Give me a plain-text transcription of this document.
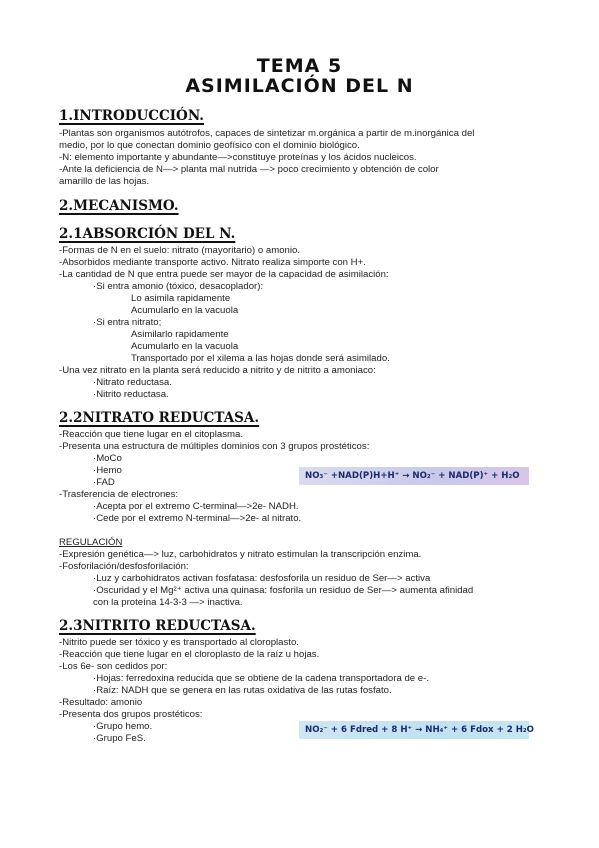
TEMA 5
ASIMILACIÓN DEL N
1.INTRODUCCIÓN.
-Plantas son organismos autótrofos, capaces de sintetizar m.orgánica a partir de m.inorgánica del
medio, por lo que conectan dominio geofísico con el dominio biológico.
-N: elemento importante y abundante—>constituye proteínas y los ácidos nucleicos.
-Ante la deficiencia de N—> planta mal nutrida —> poco crecimiento y obtención de color
amarillo de las hojas.
2.MECANISMO.
2.1ABSORCIÓN DEL N.
-Formas de N en el suelo: nitrato (mayoritario) o amonio.
-Absorbidos mediante transporte activo. Nitrato realiza simporte con H+.
-La cantidad de N que entra puede ser mayor de la capacidad de asimilación:
·Si entra amonio (tóxico, desacoplador):
Lo asimila rapidamente
Acumularlo en la vacuola
·Si entra nitrato;
Asimilarlo rapidamente
Acumularlo en la vacuola
Transportado por el xilema a las hojas donde será asimilado.
-Una vez nitrato en la planta será reducido a nitrito y de nitrito a amoniaco:
·Nitrato reductasa.
·Nitrito reductasa.
2.2NITRATO REDUCTASA.
-Reacción que tiene lugar en el citoplasma.
-Presenta una estructura de múltiples dominios con 3 grupos prostéticos:
·MoCo
·Hemo
·FAD
-Trasferencia de electrones:
·Acepta por el extremo C-terminal—>2e- NADH.
·Cede por el extremo N-terminal—>2e- al nitrato.
NO₃⁻ +NAD(P)H+H⁺ → NO₂⁻ + NAD(P)⁺ + H₂O
REGULACIÓN
-Expresión genética—> luz, carbohidratos y nitrato estimulan la transcripción enzima.
-Fosforilación/desfosforilación:
·Luz y carbohidratos activan fosfatasa: desfosforila un residuo de Ser—> activa
·Oscuridad y el Mg²⁺ activa una quinasa: fosforila un residuo de Ser—> aumenta afinidad
con la proteína 14-3-3 —> inactiva.
2.3NITRITO REDUCTASA.
-Nitrito puede ser tóxico y es transportado al cloroplasto.
-Reacción que tiene lugar en el cloroplasto de la raíz u hojas.
-Los 6e- son cedidos por:
·Hojas: ferredoxina reducida que se obtiene de la cadena transportadora de e-.
·Raíz: NADH que se genera en las rutas oxidativa de las rutas fosfato.
-Resultado: amonio
-Presenta dos grupos prostéticos:
·Grupo hemo.
·Grupo FeS.
NO₂⁻ + 6 Fdred + 8 H⁺ → NH₄⁺ + 6 Fdox + 2 H₂O
